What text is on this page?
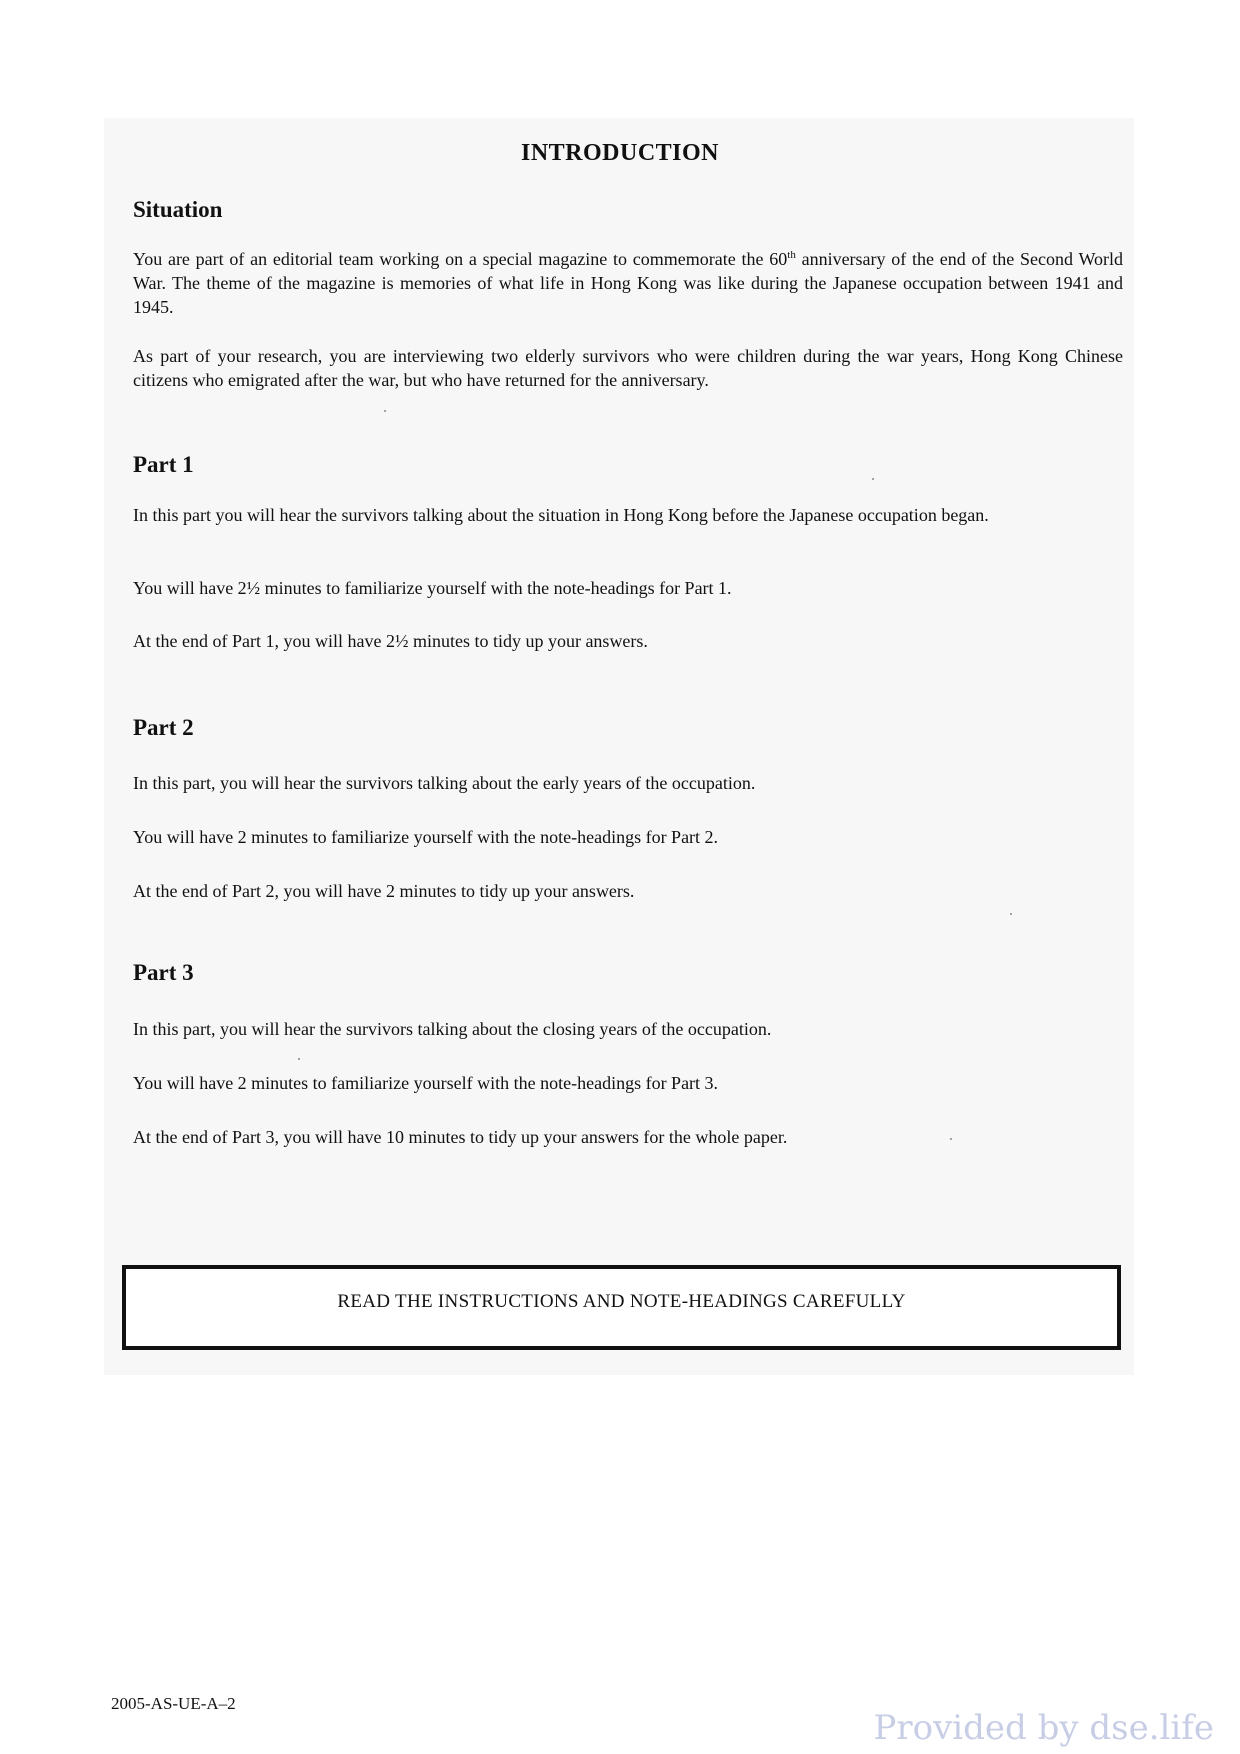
INTRODUCTION
Situation
You are part of an editorial team working on a special magazine to commemorate the 60th anniversary of the end of the Second World War. The theme of the magazine is memories of what life in Hong Kong was like during the Japanese occupation between 1941 and 1945.
As part of your research, you are interviewing two elderly survivors who were children during the war years, Hong Kong Chinese citizens who emigrated after the war, but who have returned for the anniversary.
Part 1
In this part you will hear the survivors talking about the situation in Hong Kong before the Japanese occupation began.
You will have 2½ minutes to familiarize yourself with the note-headings for Part 1.
At the end of Part 1, you will have 2½ minutes to tidy up your answers.
Part 2
In this part, you will hear the survivors talking about the early years of the occupation.
You will have 2 minutes to familiarize yourself with the note-headings for Part 2.
At the end of Part 2, you will have 2 minutes to tidy up your answers.
Part 3
In this part, you will hear the survivors talking about the closing years of the occupation.
You will have 2 minutes to familiarize yourself with the note-headings for Part 3.
At the end of Part 3, you will have 10 minutes to tidy up your answers for the whole paper.
READ THE INSTRUCTIONS AND NOTE-HEADINGS CAREFULLY
2005-AS-UE-A–2
Provided by dse.life
